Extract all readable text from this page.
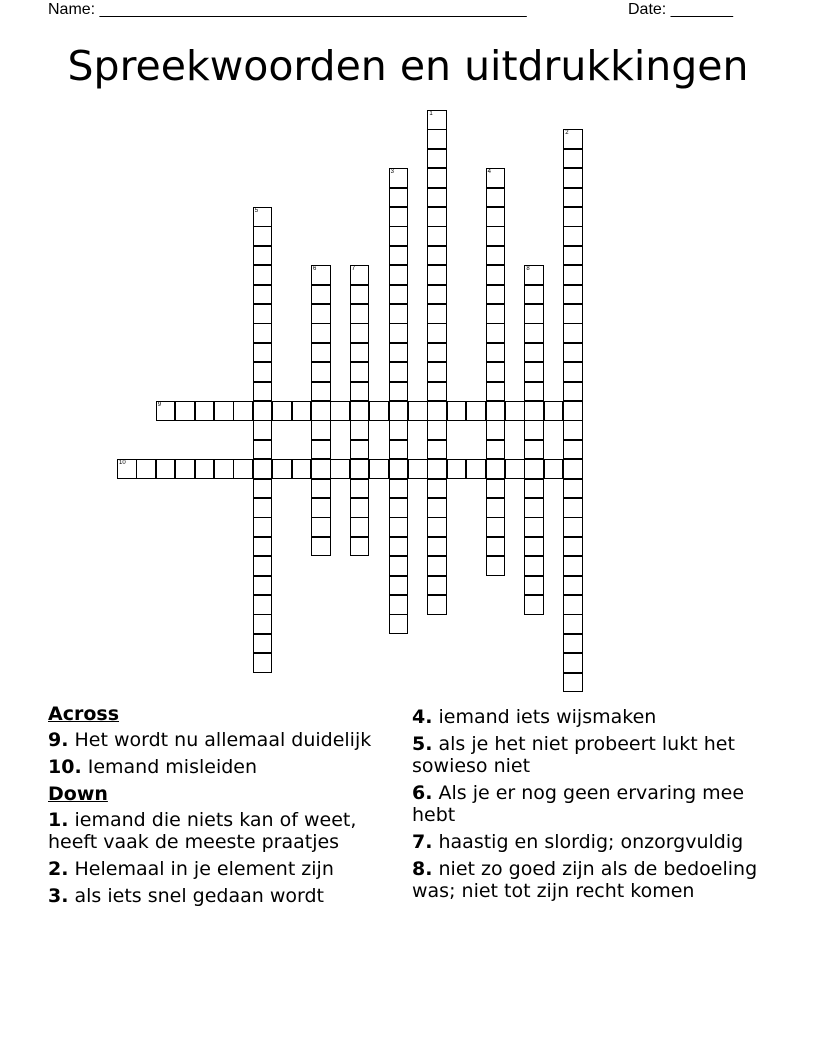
Name: ________________________________________________	Date: _______
Spreekwoorden en uitdrukkingen
1
2
3	4
5
6	7	8
9
10
Across
9. Het wordt nu allemaal duidelijk
10. Iemand misleiden
Down
1. iemand die niets kan of weet, heeft vaak de meeste praatjes
2. Helemaal in je element zijn
3. als iets snel gedaan wordt
4. iemand iets wijsmaken
5. als je het niet probeert lukt het sowieso niet
6. Als je er nog geen ervaring mee hebt
7. haastig en slordig; onzorgvuldig
8. niet zo goed zijn als de bedoeling was; niet tot zijn recht komen
